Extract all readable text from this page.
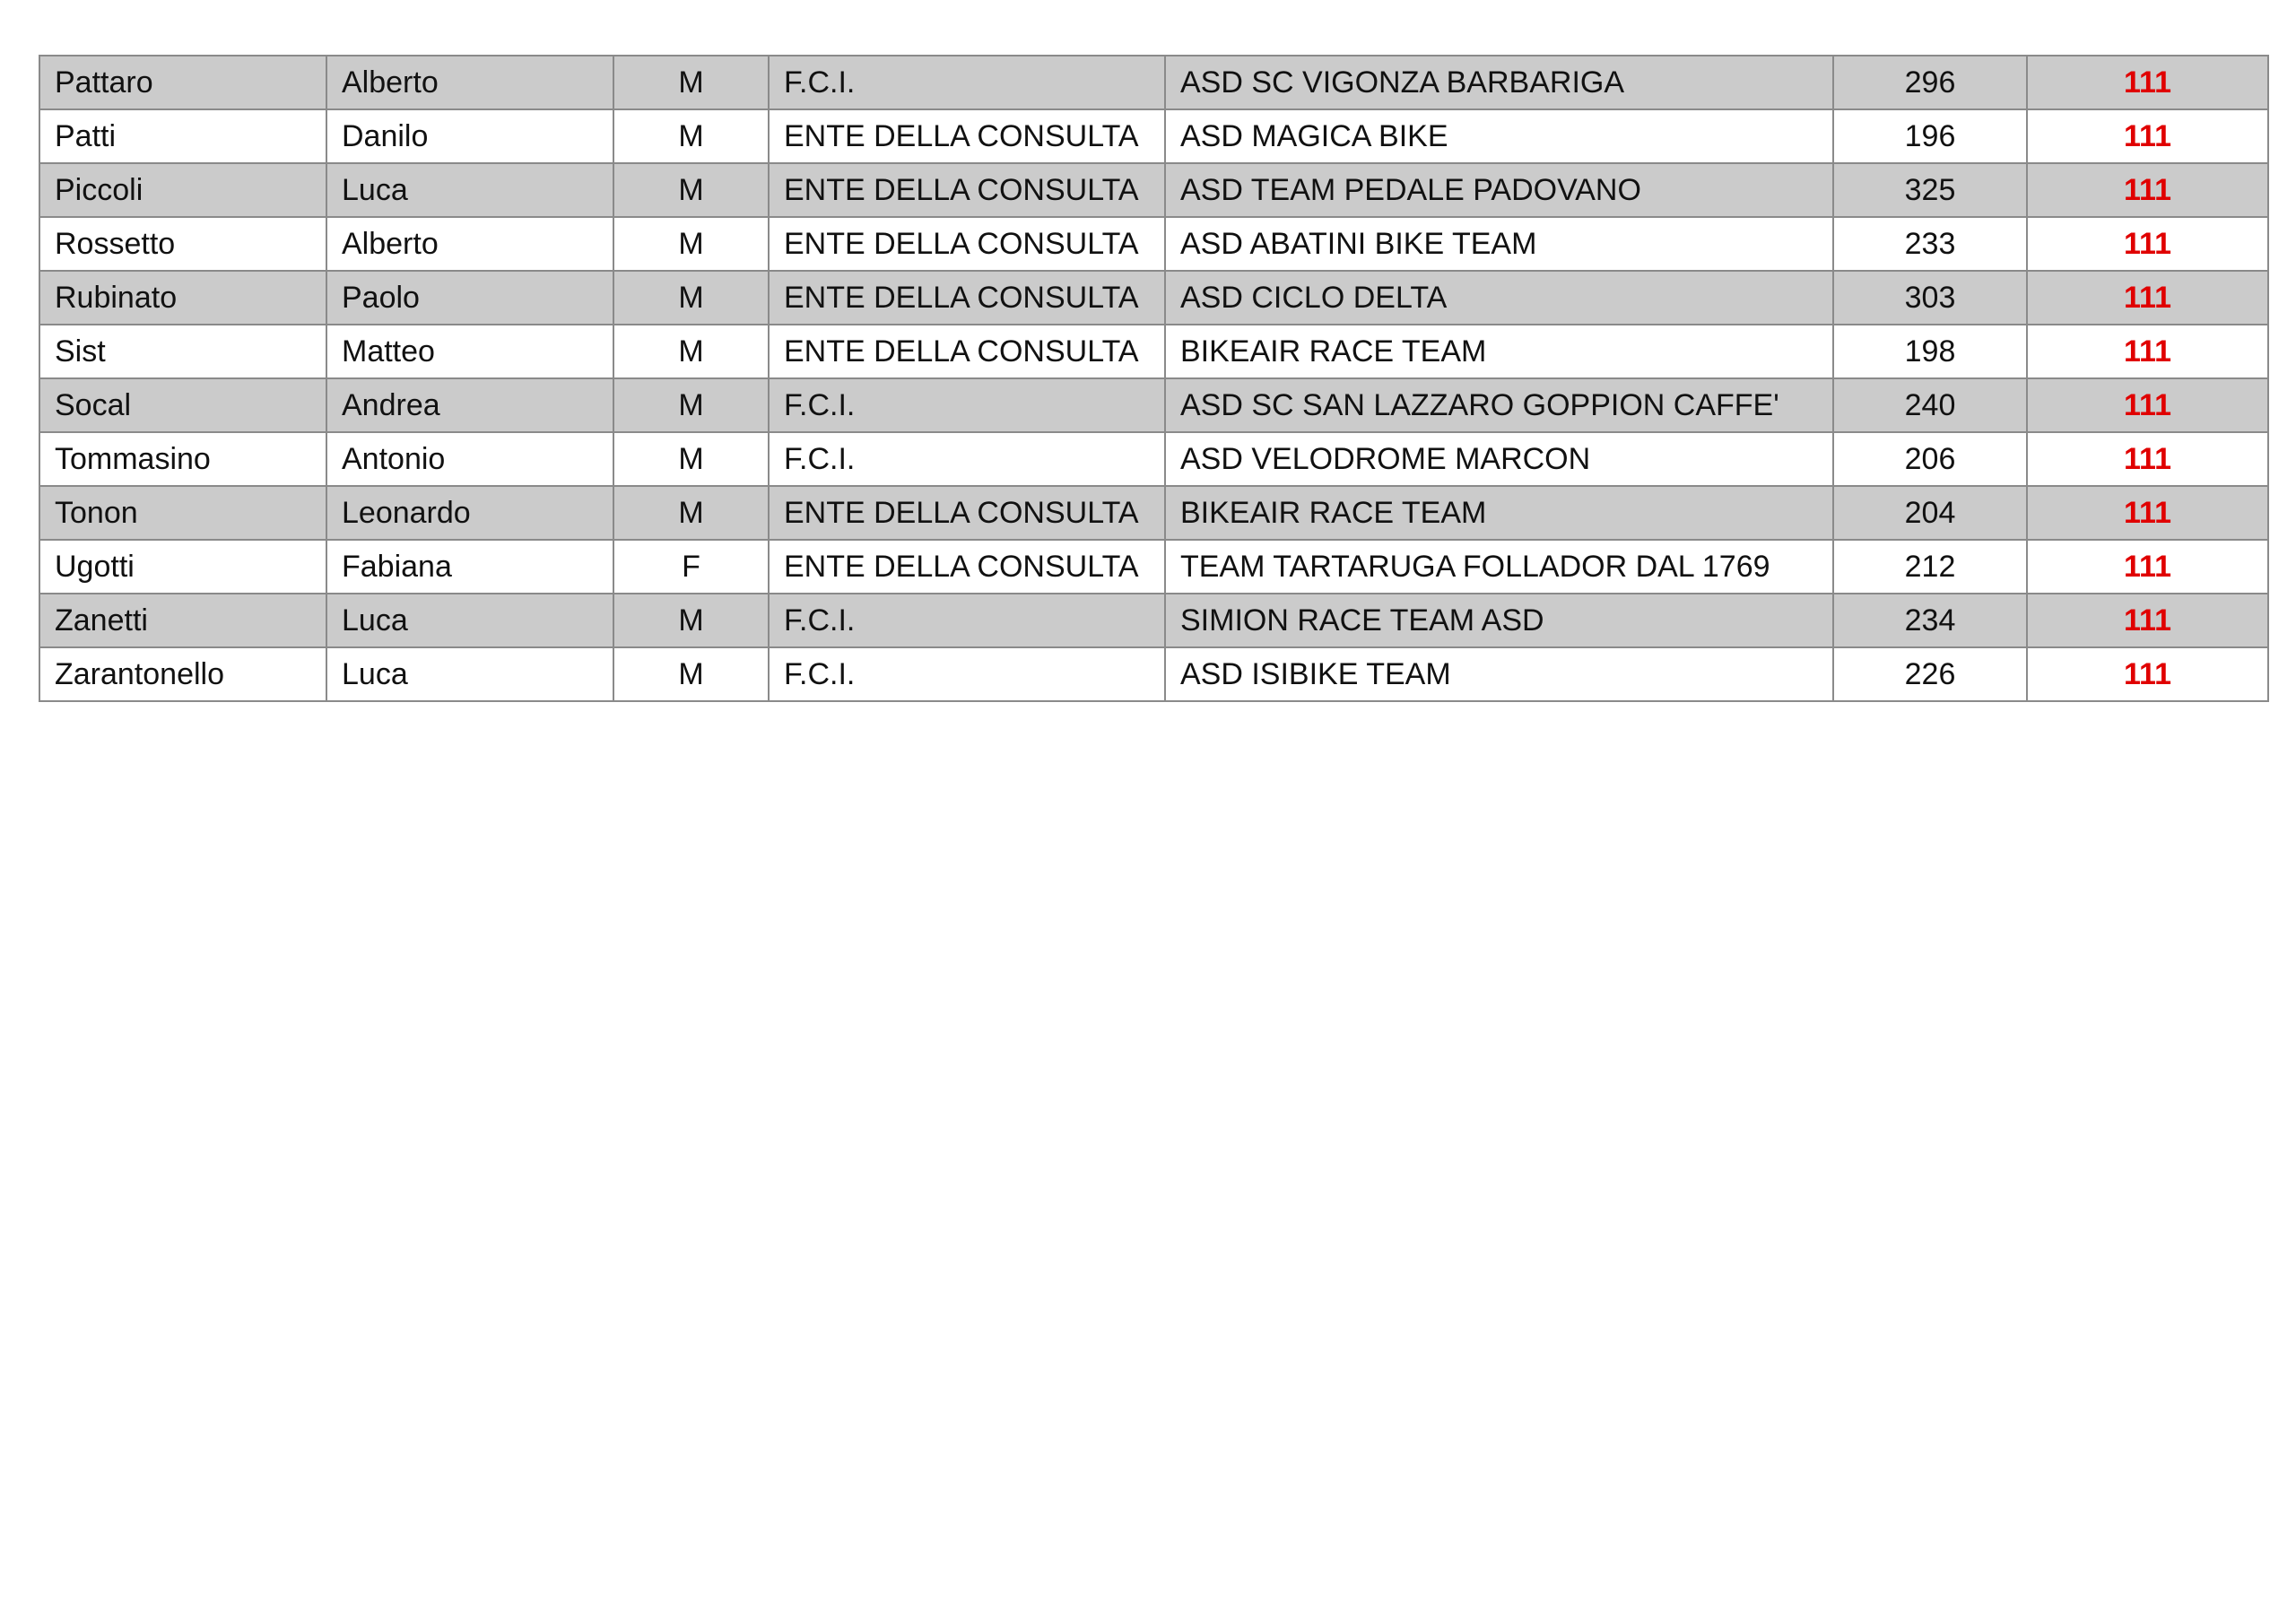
Pattaro	Alberto	M	F.C.I.	ASD SC VIGONZA BARBARIGA	296	111
Patti	Danilo	M	ENTE DELLA CONSULTA	ASD MAGICA BIKE	196	111
Piccoli	Luca	M	ENTE DELLA CONSULTA	ASD TEAM PEDALE PADOVANO	325	111
Rossetto	Alberto	M	ENTE DELLA CONSULTA	ASD ABATINI BIKE TEAM	233	111
Rubinato	Paolo	M	ENTE DELLA CONSULTA	ASD CICLO DELTA	303	111
Sist	Matteo	M	ENTE DELLA CONSULTA	BIKEAIR RACE TEAM	198	111
Socal	Andrea	M	F.C.I.	ASD SC SAN LAZZARO GOPPION CAFFE'	240	111
Tommasino	Antonio	M	F.C.I.	ASD VELODROME MARCON	206	111
Tonon	Leonardo	M	ENTE DELLA CONSULTA	BIKEAIR RACE TEAM	204	111
Ugotti	Fabiana	F	ENTE DELLA CONSULTA	TEAM TARTARUGA FOLLADOR DAL 1769	212	111
Zanetti	Luca	M	F.C.I.	SIMION RACE TEAM ASD	234	111
Zarantonello	Luca	M	F.C.I.	ASD ISIBIKE TEAM	226	111
